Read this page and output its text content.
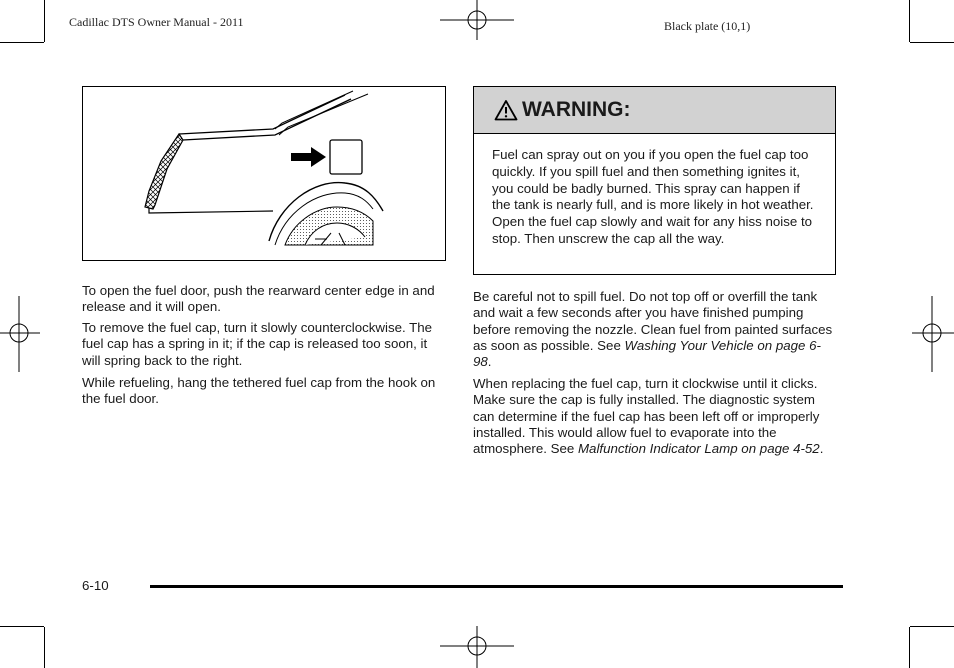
Cadillac DTS Owner Manual - 2011	Black plate (10,1)

To open the fuel door, push the rearward center edge in and release and it will open.

To remove the fuel cap, turn it slowly counterclockwise. The fuel cap has a spring in it; if the cap is released too soon, it will spring back to the right.

While refueling, hang the tethered fuel cap from the hook on the fuel door.

WARNING:
Fuel can spray out on you if you open the fuel cap too quickly. If you spill fuel and then something ignites it, you could be badly burned. This spray can happen if the tank is nearly full, and is more likely in hot weather. Open the fuel cap slowly and wait for any hiss noise to stop. Then unscrew the cap all the way.

Be careful not to spill fuel. Do not top off or overfill the tank and wait a few seconds after you have finished pumping before removing the nozzle. Clean fuel from painted surfaces as soon as possible. See Washing Your Vehicle on page 6-98.

When replacing the fuel cap, turn it clockwise until it clicks. Make sure the cap is fully installed. The diagnostic system can determine if the fuel cap has been left off or improperly installed. This would allow fuel to evaporate into the atmosphere. See Malfunction Indicator Lamp on page 4-52.

6-10
